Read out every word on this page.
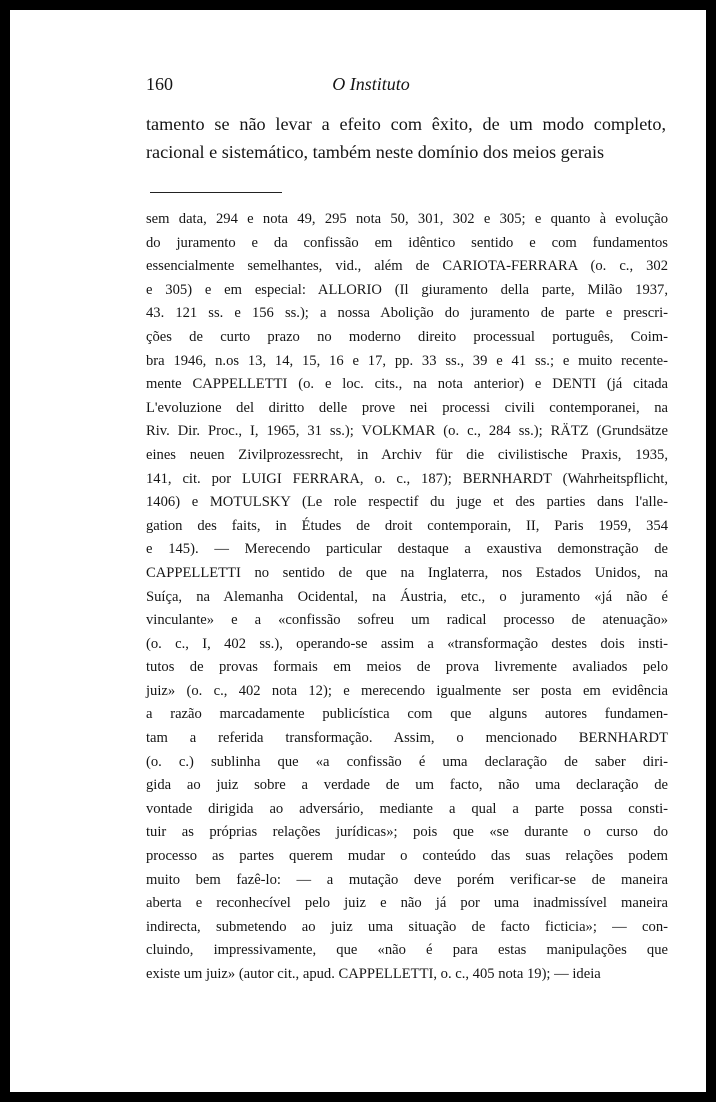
160	O Instituto

tamento se não levar a efeito com êxito, de um modo completo, racional e sistemático, também neste domínio dos meios gerais

sem data, 294 e nota 49, 295 nota 50, 301, 302 e 305; e quanto à evolução
do juramento e da confissão em idêntico sentido e com fundamentos
essencialmente semelhantes, vid., além de CARIOTA-FERRARA (o. c., 302
e 305) e em especial: ALLORIO (Il giuramento della parte, Milão 1937,
43. 121 ss. e 156 ss.); a nossa Abolição do juramento de parte e prescri-
ções de curto prazo no moderno direito processual português, Coim-
bra 1946, n.os 13, 14, 15, 16 e 17, pp. 33 ss., 39 e 41 ss.; e muito recente-
mente CAPPELLETTI (o. e loc. cits., na nota anterior) e DENTI (já citada
L'evoluzione del diritto delle prove nei processi civili contemporanei, na
Riv. Dir. Proc., I, 1965, 31 ss.); VOLKMAR (o. c., 284 ss.); RÄTZ (Grundsätze
eines neuen Zivilprozessrecht, in Archiv für die civilistische Praxis, 1935,
141, cit. por LUIGI FERRARA, o. c., 187); BERNHARDT (Wahrheitspflicht,
1406) e MOTULSKY (Le role respectif du juge et des parties dans l'alle-
gation des faits, in Études de droit contemporain, II, Paris 1959, 354
e 145). — Merecendo particular destaque a exaustiva demonstração de
CAPPELLETTI no sentido de que na Inglaterra, nos Estados Unidos, na
Suíça, na Alemanha Ocidental, na Áustria, etc., o juramento «já não é
vinculante» e a «confissão sofreu um radical processo de atenuação»
(o. c., I, 402 ss.), operando-se assim a «transformação destes dois insti-
tutos de provas formais em meios de prova livremente avaliados pelo
juiz» (o. c., 402 nota 12); e merecendo igualmente ser posta em evidência
a razão marcadamente publicística com que alguns autores fundamen-
tam a referida transformação. Assim, o mencionado BERNHARDT
(o. c.) sublinha que «a confissão é uma declaração de saber diri-
gida ao juiz sobre a verdade de um facto, não uma declaração de
vontade dirigida ao adversário, mediante a qual a parte possa consti-
tuir as próprias relações jurídicas»; pois que «se durante o curso do
processo as partes querem mudar o conteúdo das suas relações podem
muito bem fazê-lo: — a mutação deve porém verificar-se de maneira
aberta e reconhecível pelo juiz e não já por uma inadmissível maneira
indirecta, submetendo ao juiz uma situação de facto ficticia»; — con-
cluindo, impressivamente, que «não é para estas manipulações que
existe um juiz» (autor cit., apud. CAPPELLETTI, o. c., 405 nota 19); — ideia
